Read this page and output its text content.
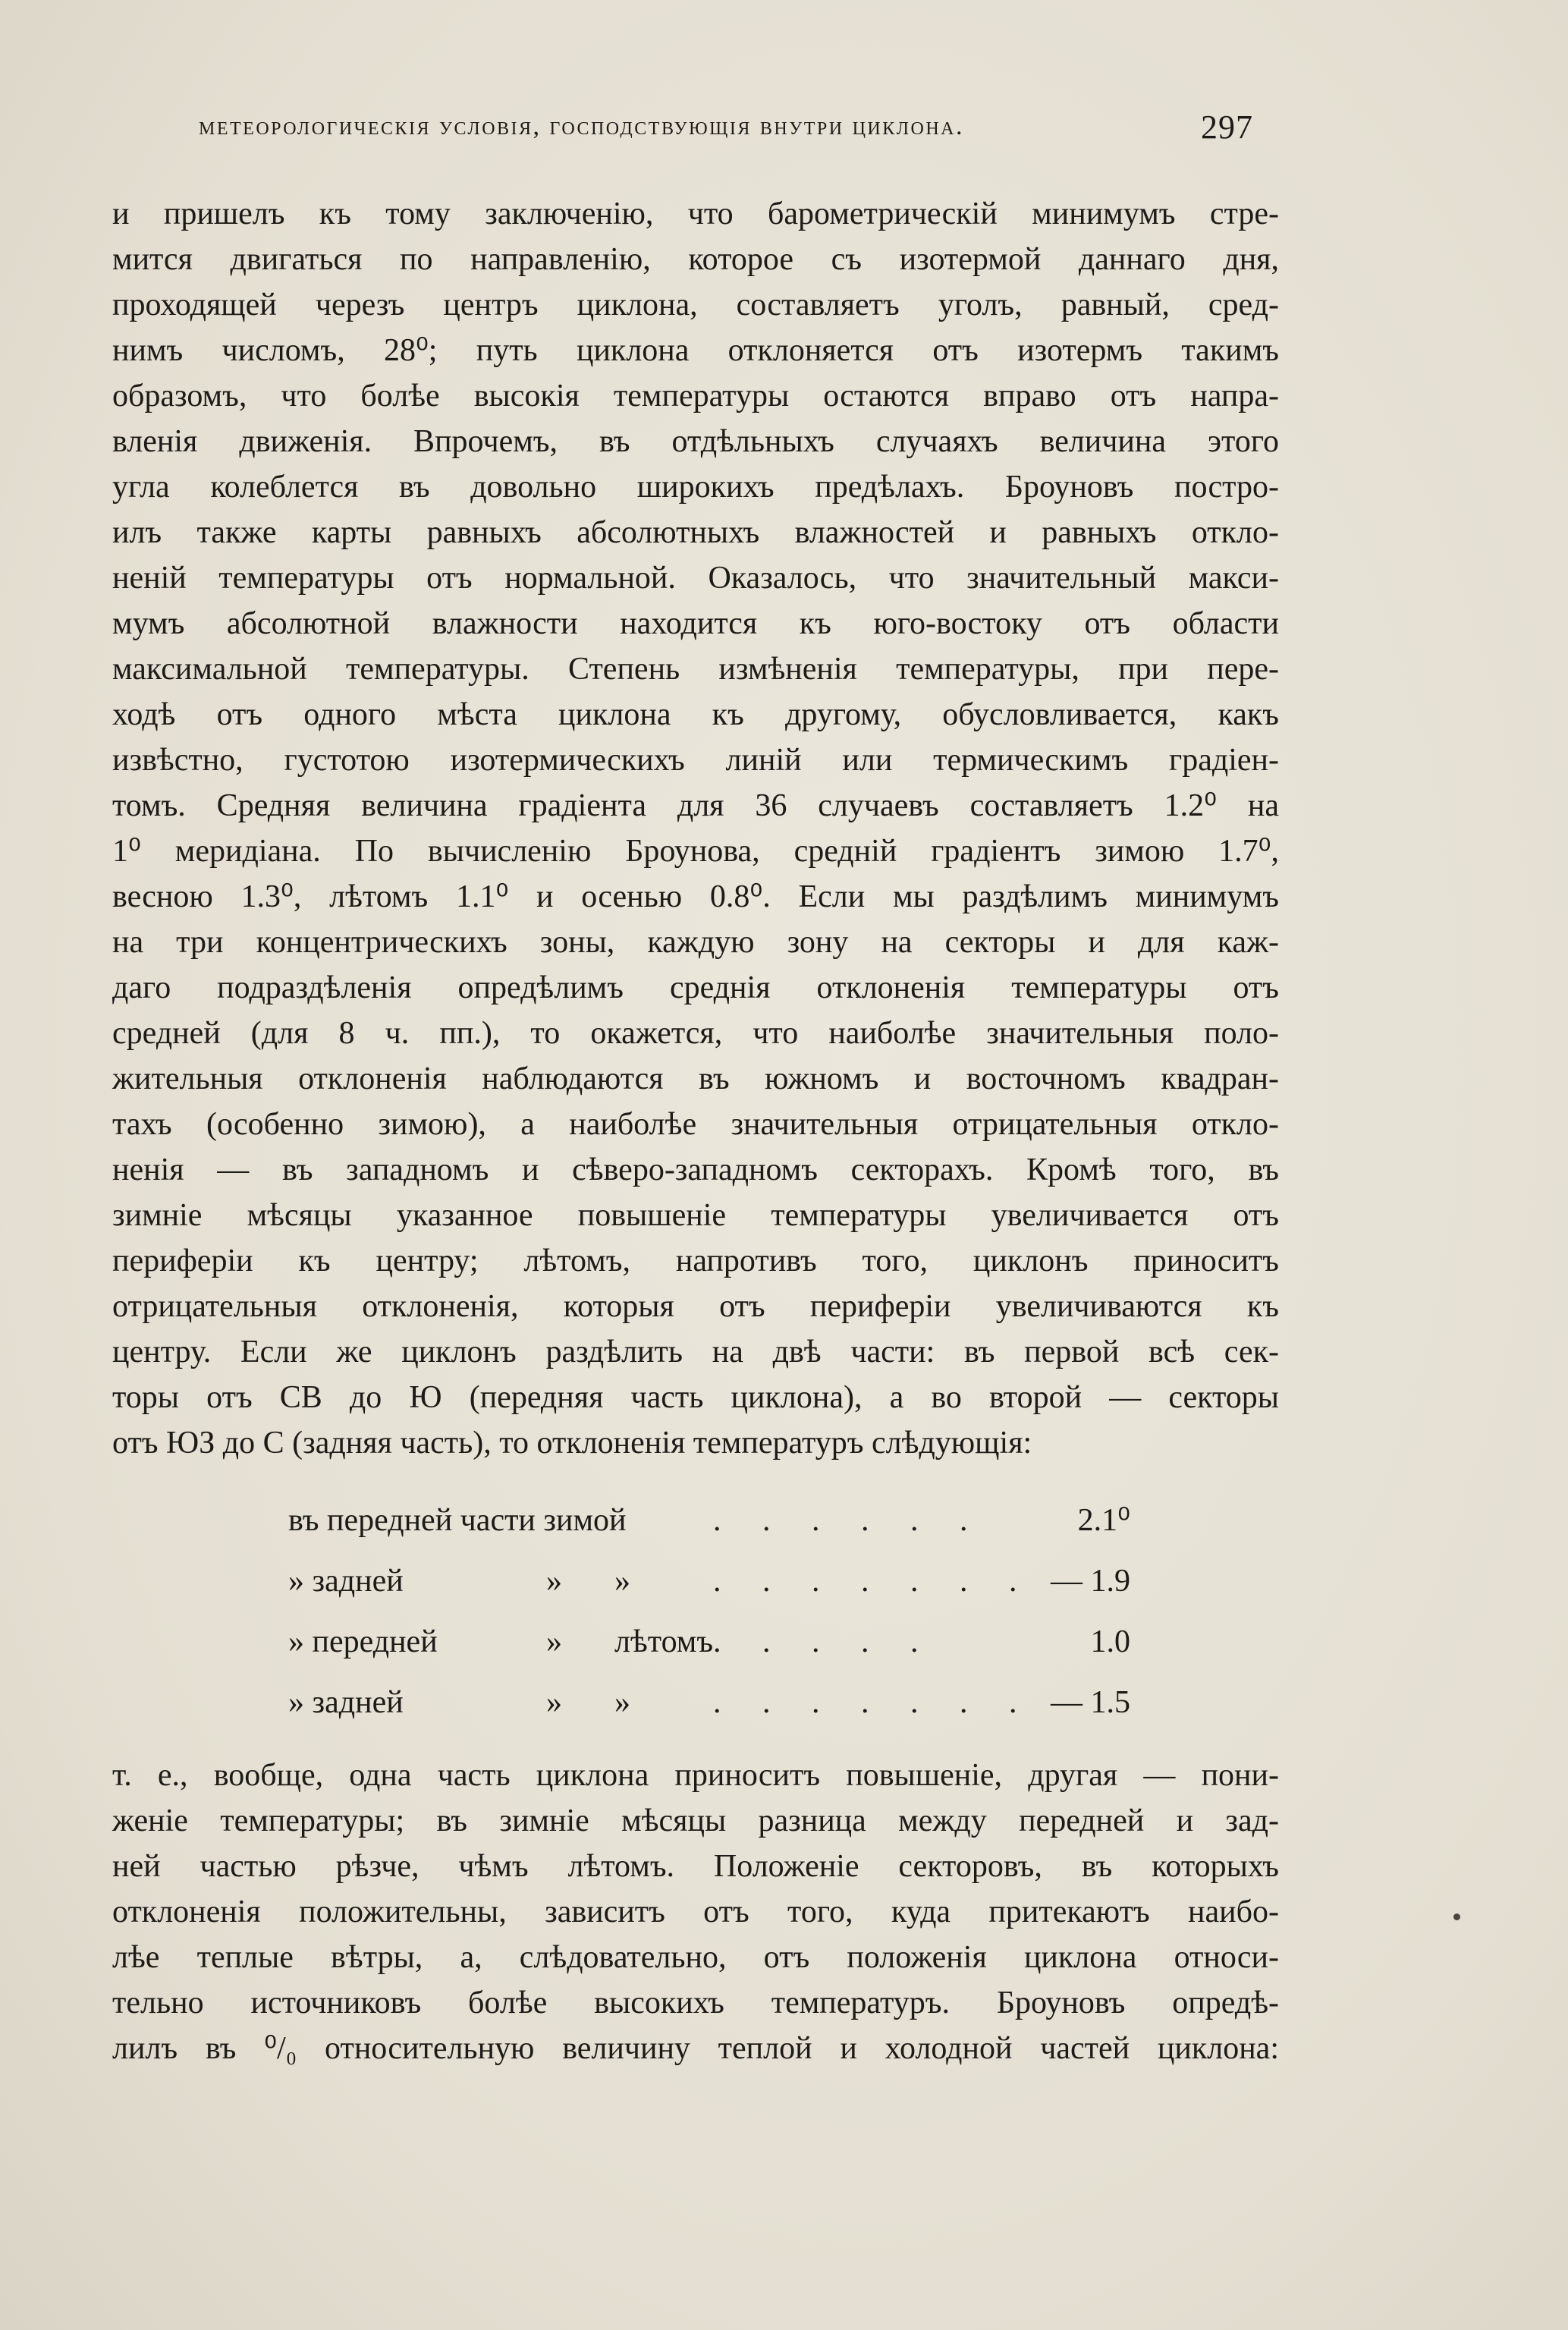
метеорологическія условія, господствующія внутри циклона.	297
и пришелъ къ тому заключенію, что барометрическій минимумъ стре-
мится двигаться по направленію, которое съ изотермой даннаго дня,
проходящей черезъ центръ циклона, составляетъ уголъ, равный, сред-
нимъ числомъ, 28⁰; путь циклона отклоняется отъ изотермъ такимъ
образомъ, что болѣе высокія температуры остаются вправо отъ напра-
вленія движенія. Впрочемъ, въ отдѣльныхъ случаяхъ величина этого
угла колеблется въ довольно широкихъ предѣлахъ. Броуновъ постро-
илъ также карты равныхъ абсолютныхъ влажностей и равныхъ откло-
неній температуры отъ нормальной. Оказалось, что значительный макси-
мумъ абсолютной влажности находится къ юго-востоку отъ области
максимальной температуры. Степень измѣненія температуры, при пере-
ходѣ отъ одного мѣста циклона къ другому, обусловливается, какъ
извѣстно, густотою изотермическихъ линій или термическимъ градіен-
томъ. Средняя величина градіента для 36 случаевъ составляетъ 1.2⁰ на
1⁰ меридіана. По вычисленію Броунова, средній градіентъ зимою 1.7⁰,
весною 1.3⁰, лѣтомъ 1.1⁰ и осенью 0.8⁰. Если мы раздѣлимъ минимумъ
на три концентрическихъ зоны, каждую зону на секторы и для каж-
даго подраздѣленія опредѣлимъ среднія отклоненія температуры отъ
средней (для 8 ч. пп.), то окажется, что наиболѣе значительныя поло-
жительныя отклоненія наблюдаются въ южномъ и восточномъ квадран-
тахъ (особенно зимою), а наиболѣе значительныя отрицательныя откло-
ненія — въ западномъ и сѣверо-западномъ секторахъ. Кромѣ того, въ
зимніе мѣсяцы указанное повышеніе температуры увеличивается отъ
периферіи къ центру; лѣтомъ, напротивъ того, циклонъ приноситъ
отрицательныя отклоненія, которыя отъ периферіи увеличиваются къ
центру. Если же циклонъ раздѣлить на двѣ части: въ первой всѣ сек-
торы отъ СВ до Ю (передняя часть циклона), а во второй — секторы
отъ ЮЗ до С (задняя часть), то отклоненія температуръ слѣдующія:
въ передней части зимой	. . . . . .	2.1⁰
» задней	» »	. . . . . . . — 1.9
» передней	» лѣтомъ . . . . .	1.0
» задней	» »	. . . . . . . — 1.5
т. е., вообще, одна часть циклона приноситъ повышеніе, другая — пони-
женіе температуры; въ зимніе мѣсяцы разница между передней и зад-
ней частью рѣзче, чѣмъ лѣтомъ. Положеніе секторовъ, въ которыхъ
отклоненія положительны, зависитъ отъ того, куда притекаютъ наибо-
лѣе теплые вѣтры, а, слѣдовательно, отъ положенія циклона относи-
тельно источниковъ болѣе высокихъ температуръ. Броуновъ опредѣ-
лилъ въ ⁰/₀ относительную величину теплой и холодной частей циклона:
